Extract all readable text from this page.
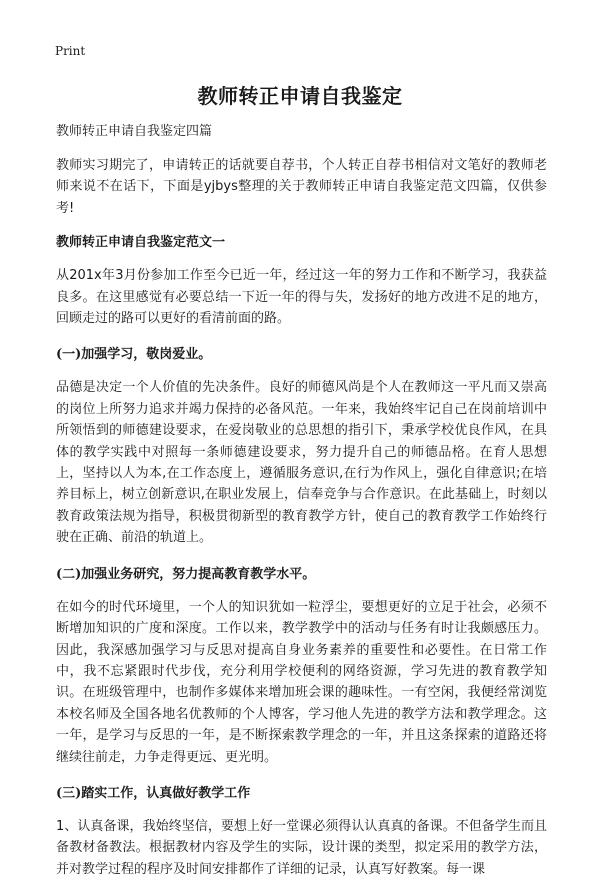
Print
教师转正申请自我鉴定

教师转正申请自我鉴定四篇

教师实习期完了，申请转正的话就要自荐书，个人转正自荐书相信对文笔好的教师老师来说不在话下，下面是yjbys整理的关于教师转正申请自我鉴定范文四篇，仅供参考!

教师转正申请自我鉴定范文一

从201x年3月份参加工作至今已近一年，经过这一年的努力工作和不断学习，我获益良多。在这里感觉有必要总结一下近一年的得与失，发扬好的地方改进不足的地方，回顾走过的路可以更好的看清前面的路。

(一)加强学习，敬岗爱业。

品德是决定一个人价值的先决条件。良好的师德风尚是个人在教师这一平凡而又崇高的岗位上所努力追求并竭力保持的必备风范。一年来，我始终牢记自己在岗前培训中所领悟到的师德建设要求，在爱岗敬业的总思想的指引下，秉承学校优良作风，在具体的教学实践中对照每一条师德建设要求，努力提升自己的师德品格。在育人思想上，坚持以人为本,在工作态度上，遵循服务意识,在行为作风上，强化自律意识;在培养目标上，树立创新意识,在职业发展上，信奉竞争与合作意识。在此基础上，时刻以教育政策法规为指导，积极贯彻新型的教育教学方针，使自己的教育教学工作始终行驶在正确、前沿的轨道上。

(二)加强业务研究，努力提高教育教学水平。

在如今的时代环境里，一个人的知识犹如一粒浮尘，要想更好的立足于社会，必须不断增加知识的广度和深度。工作以来，教学教学中的活动与任务有时让我颇感压力。因此，我深感加强学习与反思对提高自身业务素养的重要性和必要性。在日常工作中，我不忘紧跟时代步伐，充分利用学校便利的网络资源，学习先进的教育教学知识。在班级管理中，也制作多媒体来增加班会课的趣味性。一有空闲，我便经常浏览本校名师及全国各地名优教师的个人博客，学习他人先进的教学方法和教学理念。这一年，是学习与反思的一年，是不断探索教学理念的一年，并且这条探索的道路还将继续往前走，力争走得更远、更光明。

(三)踏实工作，认真做好教学工作

1、认真备课，我始终坚信，要想上好一堂课必须得认认真真的备课。不但备学生而且备教材备教法。根据教材内容及学生的实际，设计课的类型，拟定采用的教学方法，并对教学过程的程序及时间安排都作了详细的记录，认真写好教案。每一课
